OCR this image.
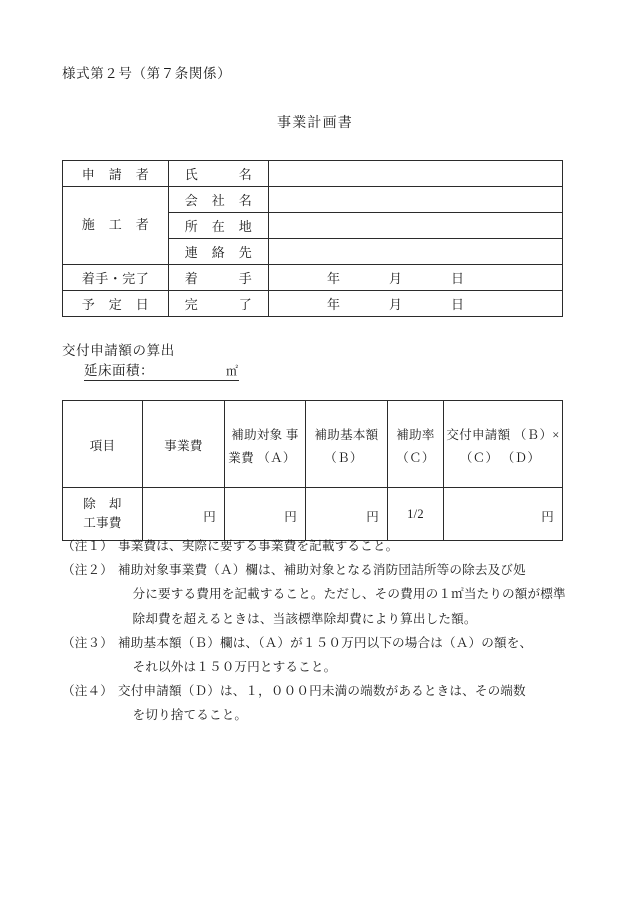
様式第２号（第７条関係）
事業計画書
申　請　者	氏　　　名	
施　工　者	会　社　名	
	所　在　地	
	連　絡　先	
着手・完了	着　　　手	年 月 日
予　定　日	完　　　了	年 月 日
交付申請額の算出
延床面積：	㎡
項目	事業費	補助対象 事業費 （Ａ）	補助基本額 （Ｂ）	補助率 （Ｃ）	交付申請額 （Ｂ）×（Ｃ） （Ｄ）

除　却
工事費	円	円	円	1/2	円
（注１） 事業費は、実際に要する事業費を記載すること。
（注２） 補助対象事業費（Ａ）欄は、補助対象となる消防団詰所等の除去及び処
分に要する費用を記載すること。ただし、その費用の１㎡当たりの額が標準
除却費を超えるときは、当該標準除却費により算出した額。
（注３） 補助基本額（Ｂ）欄は、（Ａ）が１５０万円以下の場合は（Ａ）の額を、
それ以外は１５０万円とすること。
（注４） 交付申請額（Ｄ）は、１，０００円未満の端数があるときは、その端数
を切り捨てること。
